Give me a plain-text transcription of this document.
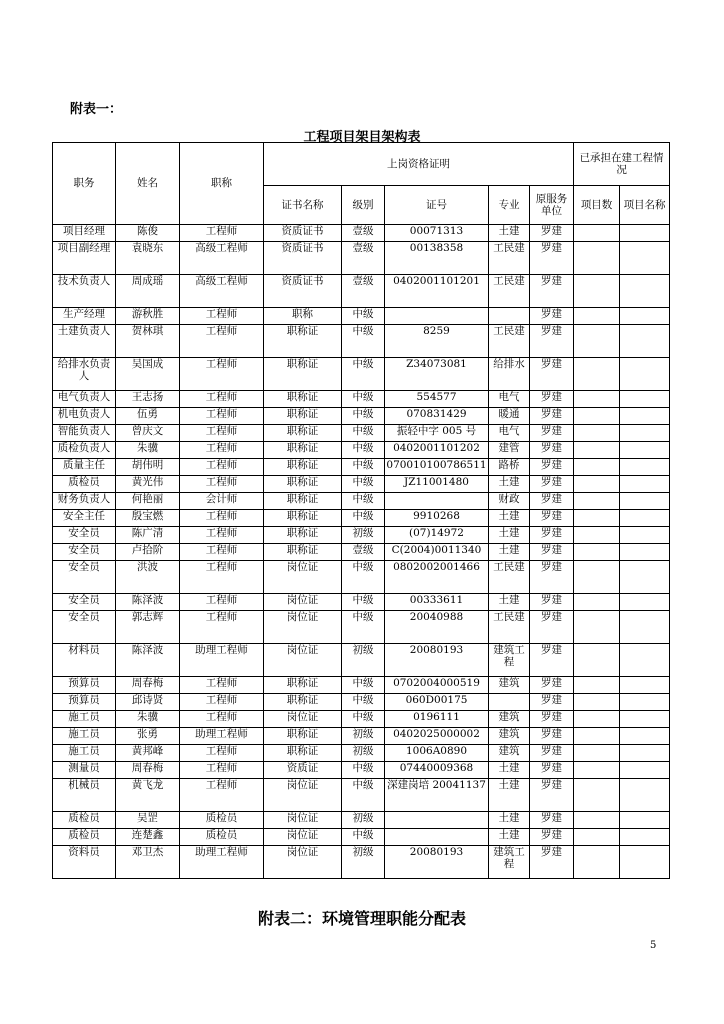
附表一：
工程项目架目架构表
职务	姓名	职称	上岗资格证明					已承担在建工程情况	
			证书名称	级别	证号	专业	原服务单位	项目数	项目名称
项目经理	陈俊	工程师	资质证书	壹级	00071313	土建	罗建		
项目副经理	袁晓东	高级工程师	资质证书	壹级	00138358	工民建	罗建		
技术负责人	周成瑶	高级工程师	资质证书	壹级	0402001101201	工民建	罗建		
生产经理	游秋胜	工程师	职称	中级			罗建		
土建负责人	贺林琪	工程师	职称证	中级	8259	工民建	罗建		
给排水负责人	吴国成	工程师	职称证	中级	Z34073081	给排水	罗建		
电气负责人	王志扬	工程师	职称证	中级	554577	电气	罗建		
机电负责人	伍勇	工程师	职称证	中级	070831429	暖通	罗建		
智能负责人	曾庆文	工程师	职称证	中级	振轻中字 005 号	电气	罗建		
质检负责人	朱骥	工程师	职称证	中级	0402001101202	建管	罗建		
质量主任	胡伟明	工程师	职称证	中级	070010100786511	路桥	罗建		
质检员	黄光伟	工程师	职称证	中级	JZ11001480	土建	罗建		
财务负责人	何艳丽	会计师	职称证	中级		财政	罗建		
安全主任	殷宝燃	工程师	职称证	中级	9910268	土建	罗建		
安全员	陈广清	工程师	职称证	初级	(07)14972	土建	罗建		
安全员	卢拾阶	工程师	职称证	壹级	C(2004)0011340	土建	罗建		
安全员	洪波	工程师	岗位证	中级	0802002001466	工民建	罗建		
安全员	陈泽波	工程师	岗位证	中级	00333611	土建	罗建		
安全员	郭志辉	工程师	岗位证	中级	20040988	工民建	罗建		
材料员	陈泽波	助理工程师	岗位证	初级	20080193	建筑工程	罗建		
预算员	周春梅	工程师	职称证	中级	0702004000519	建筑	罗建		
预算员	邱诗贤	工程师	职称证	中级	060D00175		罗建		
施工员	朱骥	工程师	岗位证	中级	0196111	建筑	罗建		
施工员	张勇	助理工程师	职称证	初级	0402025000002	建筑	罗建		
施工员	黄邦峰	工程师	职称证	初级	1006A0890	建筑	罗建		
测量员	周春梅	工程师	资质证	中级	07440009368	土建	罗建		
机械员	黄飞龙	工程师	岗位证	中级	深建岗培 20041137	土建	罗建		
质检员	吴罡	质检员	岗位证	初级		土建	罗建		
质检员	连楚鑫	质检员	岗位证	中级		土建	罗建		
资料员	邓卫杰	助理工程师	岗位证	初级	20080193	建筑工程	罗建		
附表二：环境管理职能分配表
5
